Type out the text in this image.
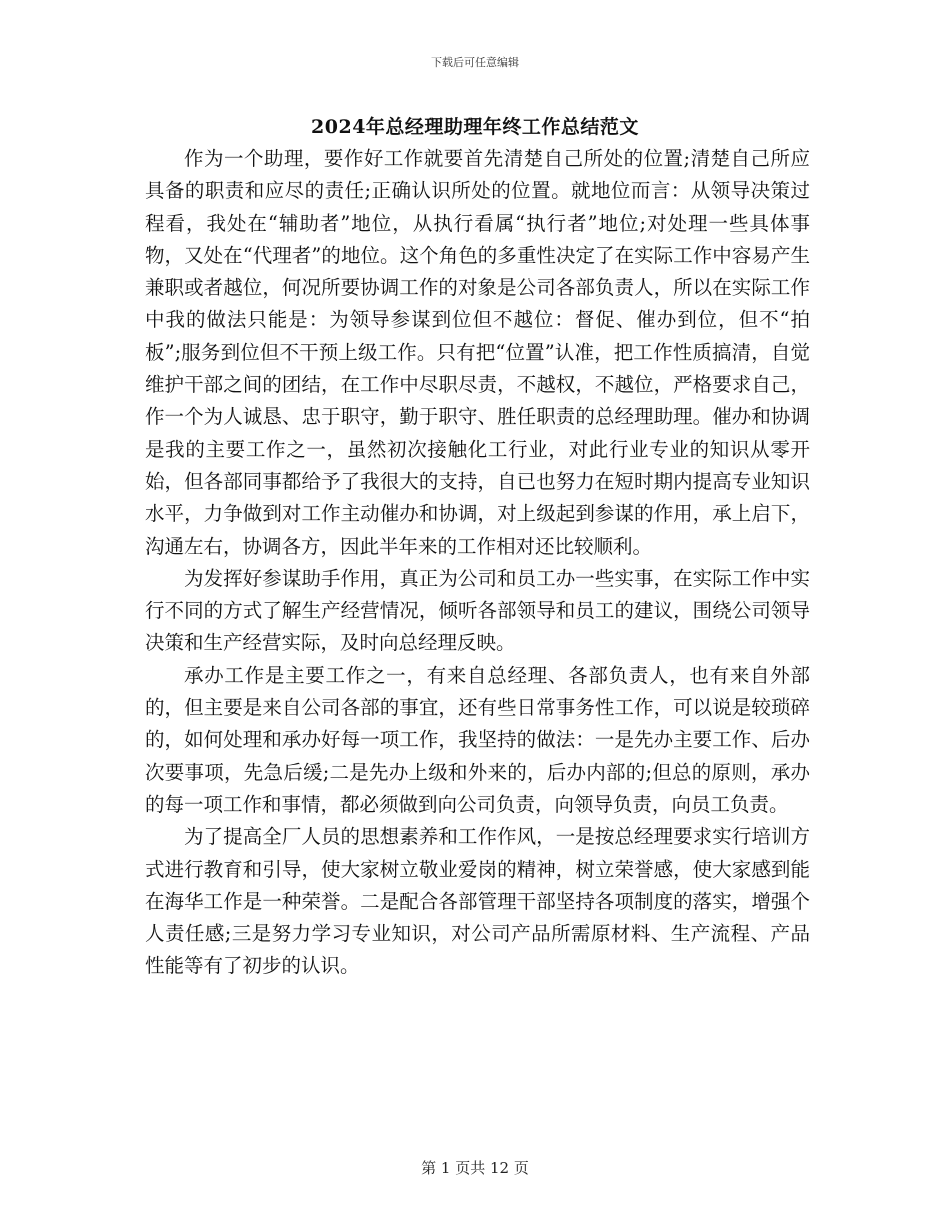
下载后可任意编辑
2024年总经理助理年终工作总结范文

作为一个助理，要作好工作就要首先清楚自己所处的位置;清楚自己所应具备的职责和应尽的责任;正确认识所处的位置。就地位而言：从领导决策过程看，我处在“辅助者”地位，从执行看属“执行者”地位;对处理一些具体事物，又处在“代理者”的地位。这个角色的多重性决定了在实际工作中容易产生兼职或者越位，何况所要协调工作的对象是公司各部负责人，所以在实际工作中我的做法只能是：为领导参谋到位但不越位：督促、催办到位，但不“拍板”;服务到位但不干预上级工作。只有把“位置”认准，把工作性质搞清，自觉维护干部之间的团结，在工作中尽职尽责，不越权，不越位，严格要求自己，作一个为人诚恳、忠于职守，勤于职守、胜任职责的总经理助理。催办和协调是我的主要工作之一，虽然初次接触化工行业，对此行业专业的知识从零开始，但各部同事都给予了我很大的支持，自已也努力在短时期内提高专业知识水平，力争做到对工作主动催办和协调，对上级起到参谋的作用，承上启下，沟通左右，协调各方，因此半年来的工作相对还比较顺利。

为发挥好参谋助手作用，真正为公司和员工办一些实事，在实际工作中实行不同的方式了解生产经营情况，倾听各部领导和员工的建议，围绕公司领导决策和生产经营实际，及时向总经理反映。

承办工作是主要工作之一，有来自总经理、各部负责人，也有来自外部的，但主要是来自公司各部的事宜，还有些日常事务性工作，可以说是较琐碎的，如何处理和承办好每一项工作，我坚持的做法：一是先办主要工作、后办次要事项，先急后缓;二是先办上级和外来的，后办内部的;但总的原则，承办的每一项工作和事情，都必须做到向公司负责，向领导负责，向员工负责。

为了提高全厂人员的思想素养和工作作风，一是按总经理要求实行培训方式进行教育和引导，使大家树立敬业爱岗的精神，树立荣誉感，使大家感到能在海华工作是一种荣誉。二是配合各部管理干部坚持各项制度的落实，增强个人责任感;三是努力学习专业知识，对公司产品所需原材料、生产流程、产品性能等有了初步的认识。

第 1 页共 12 页
